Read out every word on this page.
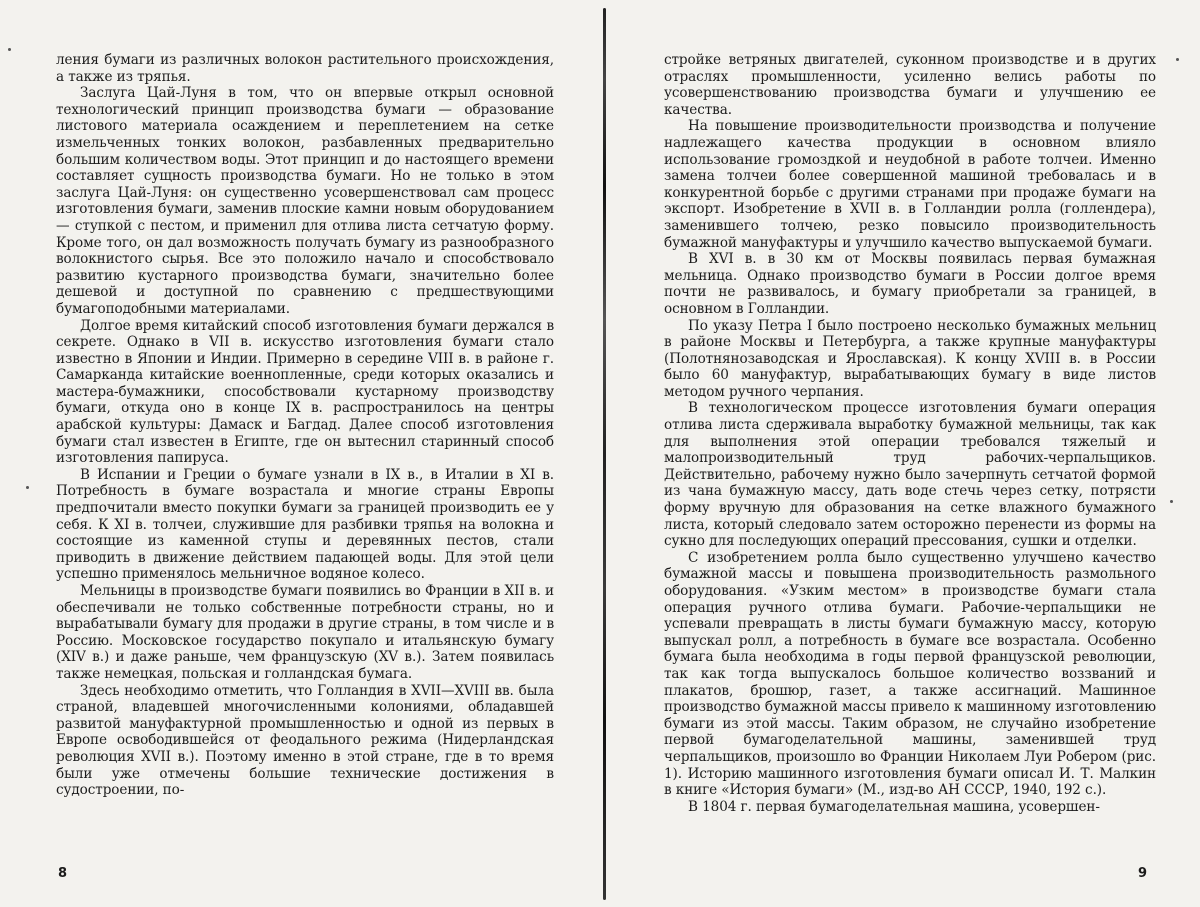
ления бумаги из различных волокон растительного происхождения, а также из тряпья.

Заслуга Цай-Луня в том, что он впервые открыл основной технологический принцип производства бумаги — образование листового материала осаждением и переплетением на сетке измельченных тонких волокон, разбавленных предварительно большим количеством воды. Этот принцип и до настоящего времени составляет сущность производства бумаги. Но не только в этом заслуга Цай-Луня: он существенно усовершенствовал сам процесс изготовления бумаги, заменив плоские камни новым оборудованием — ступкой с пестом, и применил для отлива листа сетчатую форму. Кроме того, он дал возможность получать бумагу из разнообразного волокнистого сырья. Все это положило начало и способствовало развитию кустарного производства бумаги, значительно более дешевой и доступной по сравнению с предшествующими бумагоподобными материалами.

Долгое время китайский способ изготовления бумаги держался в секрете. Однако в VII в. искусство изготовления бумаги стало известно в Японии и Индии. Примерно в середине VIII в. в районе г. Самарканда китайские военнопленные, среди которых оказались и мастера-бумажники, способствовали кустарному производству бумаги, откуда оно в конце IX в. распространилось на центры арабской культуры: Дамаск и Багдад. Далее способ изготовления бумаги стал известен в Египте, где он вытеснил старинный способ изготовления папируса.

В Испании и Греции о бумаге узнали в IX в., в Италии в XI в. Потребность в бумаге возрастала и многие страны Европы предпочитали вместо покупки бумаги за границей производить ее у себя. К XI в. толчеи, служившие для разбивки тряпья на волокна и состоящие из каменной ступы и деревянных пестов, стали приводить в движение действием падающей воды. Для этой цели успешно применялось мельничное водяное колесо.

Мельницы в производстве бумаги появились во Франции в XII в. и обеспечивали не только собственные потребности страны, но и вырабатывали бумагу для продажи в другие страны, в том числе и в Россию. Московское государство покупало и итальянскую бумагу (XIV в.) и даже раньше, чем французскую (XV в.). Затем появилась также немецкая, польская и голландская бумага.

Здесь необходимо отметить, что Голландия в XVII—XVIII вв. была страной, владевшей многочисленными колониями, обладавшей развитой мануфактурной промышленностью и одной из первых в Европе освободившейся от феодального режима (Нидерландская революция XVII в.). Поэтому именно в этой стране, где в то время были уже отмечены большие технические достижения в судостроении, по-

8

стройке ветряных двигателей, суконном производстве и в других отраслях промышленности, усиленно велись работы по усовершенствованию производства бумаги и улучшению ее качества.

На повышение производительности производства и получение надлежащего качества продукции в основном влияло использование громоздкой и неудобной в работе толчеи. Именно замена толчеи более совершенной машиной требовалась и в конкурентной борьбе с другими странами при продаже бумаги на экспорт. Изобретение в XVII в. в Голландии ролла (голлендера), заменившего толчею, резко повысило производительность бумажной мануфактуры и улучшило качество выпускаемой бумаги.

В XVI в. в 30 км от Москвы появилась первая бумажная мельница. Однако производство бумаги в России долгое время почти не развивалось, и бумагу приобретали за границей, в основном в Голландии.

По указу Петра I было построено несколько бумажных мельниц в районе Москвы и Петербурга, а также крупные мануфактуры (Полотнянозаводская и Ярославская). К концу XVIII в. в России было 60 мануфактур, вырабатывающих бумагу в виде листов методом ручного черпания.

В технологическом процессе изготовления бумаги операция отлива листа сдерживала выработку бумажной мельницы, так как для выполнения этой операции требовался тяжелый и малопроизводительный труд рабочих-черпальщиков. Действительно, рабочему нужно было зачерпнуть сетчатой формой из чана бумажную массу, дать воде стечь через сетку, потрясти форму вручную для образования на сетке влажного бумажного листа, который следовало затем осторожно перенести из формы на сукно для последующих операций прессования, сушки и отделки.

С изобретением ролла было существенно улучшено качество бумажной массы и повышена производительность размольного оборудования. «Узким местом» в производстве бумаги стала операция ручного отлива бумаги. Рабочие-черпальщики не успевали превращать в листы бумаги бумажную массу, которую выпускал ролл, а потребность в бумаге все возрастала. Особенно бумага была необходима в годы первой французской революции, так как тогда выпускалось большое количество воззваний и плакатов, брошюр, газет, а также ассигнаций. Машинное производство бумажной массы привело к машинному изготовлению бумаги из этой массы. Таким образом, не случайно изобретение первой бумагоделательной машины, заменившей труд черпальщиков, произошло во Франции Николаем Луи Робером (рис. 1). Историю машинного изготовления бумаги описал И. Т. Малкин в книге «История бумаги» (М., изд-во АН СССР, 1940, 192 с.).

В 1804 г. первая бумагоделательная машина, усовершен-

9
